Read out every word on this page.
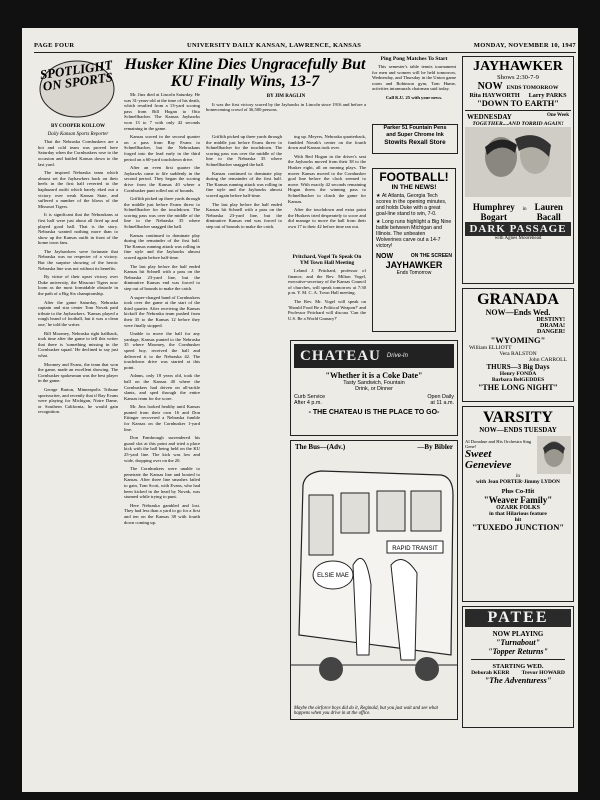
PAGE FOUR	UNIVERSITY DAILY KANSAN, LAWRENCE, KANSAS	MONDAY, NOVEMBER 10, 1947
SPOTLIGHT ON SPORTS
BY COOPER KOLLOW
Daily Kansan Sports Reporter

That the Nebraska Cornhuskers are a hot and cold team was proved here Saturday when the Cornhuskers rose to the occasion and battled Kansas down to the last yard.

The inspired Nebraska team which almost set the Jayhawkers back on their heels in the first half reverted to the haphazard outfit which barely eked out a victory over weak Kansas State, and suffered a number of the blows of the Missouri Tigers.

It is significant that the Nebraskans at first half were just about all fired up and played good ball. That is the story. Nebraska wanted nothing more than to show up the Kansas outfit in front of the home town fans.

The Jayhawkers were fortunate that Nebraska was no respecter of a victory. But the surprise showing of the heroic Nebraska line was not without its benefits.

By virtue of their upset victory over Duke university, the Missouri Tigers now loom as the most formidable obstacle in the path of a Big Six championship.

After the game Saturday, Nebraska captain and star center Tom Novak paid tribute to the Jayhawkers. 'Kansas played a rough brand of football, but it was a clean one,' he told the writer.

Bill Moomey, Nebraska right halfback, took time after the game to tell this writer that there is 'something missing in the Cornhusker squad.' He declined to say just what.

Moomey and Evans, the team that won the game, made an excellent showing. The Cornhusker spokesman was the best player in the game.

George Barton, Minneapolis Tribune sportswriter, and recently that if Ray Evans were playing for Michigan, Notre Dame, or Southern California, he would gain recognition.

Husker Kline Dies Ungracefully But KU Finally Wins, 13-7

Mr. Jinx died at Lincoln Saturday. He was 31-years-old at the time of his death, which resulted from a 13-yard scoring pass from Bill Hogan to Otto Schnellbacher. The Kansas Jayhawks won 13 to 7 with only 42 seconds remaining in the game.

Kansas scored in the second quarter on a pass from Ray Evans to Schnellbacher, but the Nebraskans forged into the lead early in the third period on a 60-yard touchdown drive.

After an even first quarter the Jayhawks came to life suddenly in the second period. They began the scoring drive from the Kansas 40 where a Cornhusker punt rolled out of bounds.

Griffith picked up three yards through the middle just before Evans threw to Schnellbacher for the touchdown. The scoring pass was over the middle of the line to the Nebraska 35 where Schnellbacher snagged the ball.

Kansas continued to dominate play during the remainder of the first half. The Kansas running attack was rolling in fine style and the Jayhawks almost scored again before half-time.

The last play before the half ended Kansas hit Schnell with a pass on the Nebraska 23-yard line, but the diminutive Kansas end was forced to step out of bounds to make the catch.

A super-charged band of Cornhuskers took over the game at the start of the third quarter. After receiving the Kansas kickoff the Nebraska team pushed from their 35 to the Kansas 12 before they were finally stopped.

Unable to move the ball for any yardage, Kansas punted to the Nebraska 35 where Moomey, the Cornhusker speed boy, received the ball and delivered it to the Nebraska 42. The touchdown drive was started at this point.

Adams, only 18 years old, took the ball on the Kansas 40 where the Cornhuskers had driven on all-tackle slants, and sped through the entire Kansas team for the score.

Mr. Jinx looked healthy until Kansas punted from their own 16 and Don Ettinger recovered a Nebraska fumble for Kansas on the Cornhusker 1-yard line.

Don Fambrough surrendered his guard slot at this point and tried a place kick with the ball being held on the KU 25-yard line. The kick was low and wide, dropping over on the 20.

The Cornhuskers were unable to penetrate the Kansas line and booted to Kansas. After three line smashes failed to gain, Tom Scott, with Evans, who had been kicked in the head by Novak, was stunned while trying to punt.

Here Nebraska gambled and lost. They had less than a yard to go for a first and ten on the Kansas 38 with fourth down coming up.

BY JIM RAGLIN

It was the first victory scored by the Jayhawks in Lincoln since 1916 and before a homecoming crowd of 36,500 persons.

Griffith picked up three yards through the middle just before Evans threw to Schnellbacher for the touchdown. The scoring pass was over the middle of the line to the Nebraska 35 where Schnellbacher snagged the ball.

Kansas continued to dominate play during the remainder of the first half. The Kansas running attack was rolling in fine style and the Jayhawks almost scored again before half-time.

The last play before the half ended Kansas hit Schnell with a pass on the Nebraska 23-yard line, but the diminutive Kansas end was forced to step out of bounds to make the catch.

ing up. Meyers, Nebraska quarterback, fumbled Novak's center on the fourth down and Kansas took over.

With Red Hogan in the driver's seat the Jayhawks moved from their 38 to the Husker eight, all on running plays. The mover Kansas moved to the Cornhusker goal line before the clock seemed to move. With exactly 42 seconds remaining Hogan threw the winning pass to Schnellbacher to clinch the game for Kansas.

After the touchdown and extra point the Huskers tried desperately to score and did manage to move the ball from their own 17 to their 42 before time ran out.

Pritchard, Vogel To Speak On YM Town Hall Meeting

Leland J. Pritchard, professor of finance, and the Rev. Milton Vogel, executive-secretary of the Kansas Council of churches, will speak tomorrow at 7:30 p.m. Y. M. C. A. Town Hall meeting.

The Rev. Mr. Vogel will speak on 'Should Food Be a Political Weapon?' and Professor Pritchard will discuss 'Can the U.S. Be a World Granary?'

Ping Pong Matches To Start

This semester's table tennis tournament for men and women will be held tomorrow, Wednesday, and Thursday in the Union game room and Robinson gym, Tom Hume, activities intramurals chairman said today.

Call K.U. 25 with your news.
Parker 51 Fountain Pens
and Super Chrome Ink
Stowits Rexall Store
FOOTBALL!
IN THE NEWS!
★ At Atlanta, Georgia Tech scores in the opening minutes, and holds Duke with a great goal-line stand to win, 7-0.
★ Long runs highlight a Big Nine battle between Michigan and Illinois. The unbeaten Wolverines carve out a 14-7 victory!
NOW	ON THE SCREEN
JAYHAWKER
Ends Tomorrow
CHATEAU Drive-In
"Whether it is a Coke Date"
Tasty Sandwich, Fountain
Drink, or Dinner
Curb Service
After 4 p.m.
Open Daily
at 11 a.m.
- THE CHATEAU IS THE PLACE TO GO-
The Bus—(Adv.)	—By Bibler
RAPID TRANSIT
ELSIE MAE
Maybe the airforce boys did do it, Reginald, but you just wait and see what happens when you drive in at the office.
JAYHAWKER
Shows 2:30-7-9
NOW ENDS TOMORROW
Rita HAYWORTH Larry PARKS
"DOWN TO EARTH"
WEDNESDAY	One Week
TOGETHER....AND TORRID AGAIN!
Humphrey Bogart
in Lauren Bacall
DARK PASSAGE
with Agnes Moorehead
GRANADA
NOW—Ends Wed.
DESTINY!
DRAMA!
DANGER!
"WYOMING"
William ELLIOTT
Vera RALSTON
John CARROLL
THURS—3 Big Days
Henry FONDA
Barbara BelGEDDES
"THE LONG NIGHT"
VARSITY
NOW—ENDS TUESDAY
Al Donahue and His Orchestra Sing Gene!
Sweet Genevieve
in
with Jean PORTER·Jimmy LYDON
Plus Co-Hit
"Weaver Family"
OZARK FOLKS
in that Hilarious feature
hit
"TUXEDO JUNCTION"
PATEE
NOW PLAYING
"Turnabout"
"Topper Returns"
STARTING WED.
Deborah KERR Trevor HOWARD
"The Adventuress"
